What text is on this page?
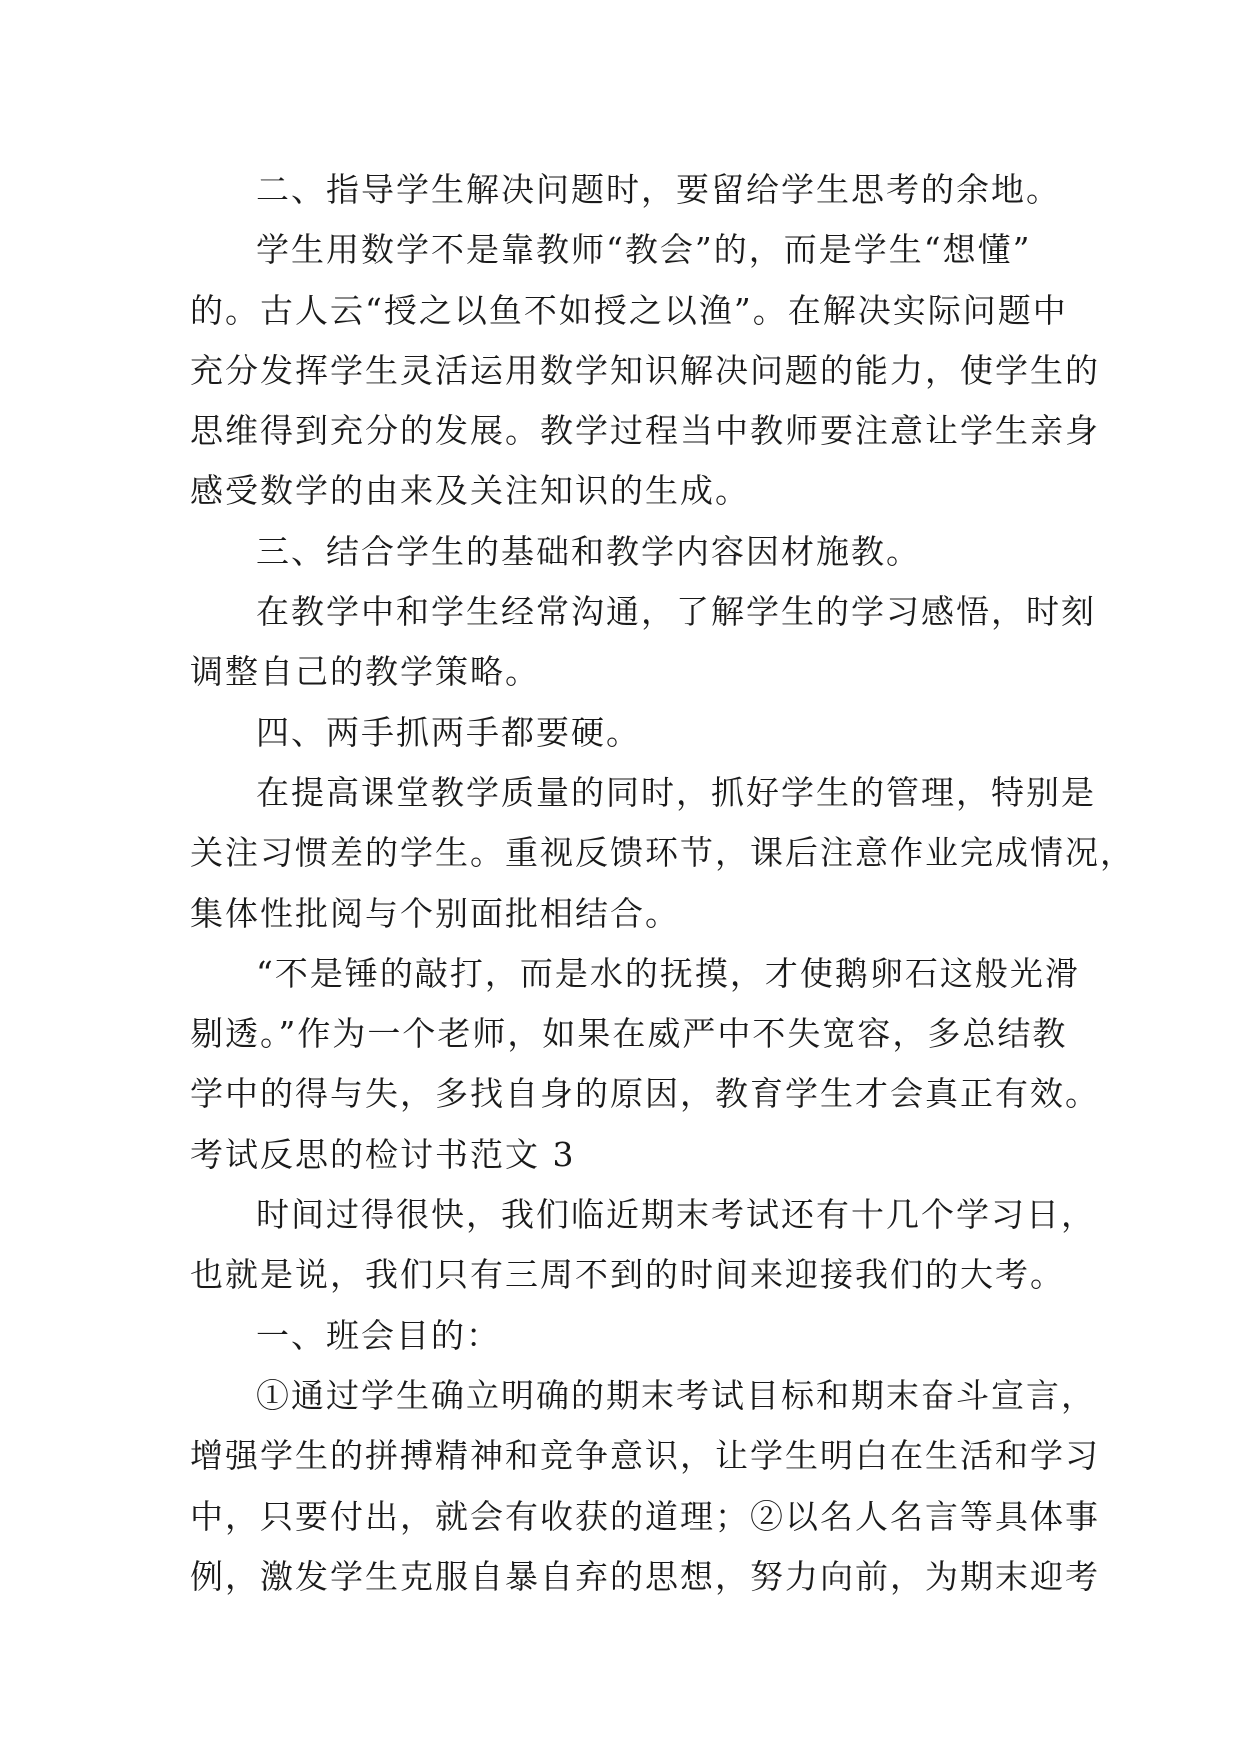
二、指导学生解决问题时，要留给学生思考的余地。
学生用数学不是靠教师“教会”的，而是学生“想懂”
的。古人云“授之以鱼不如授之以渔”。在解决实际问题中
充分发挥学生灵活运用数学知识解决问题的能力，使学生的
思维得到充分的发展。教学过程当中教师要注意让学生亲身
感受数学的由来及关注知识的生成。
三、结合学生的基础和教学内容因材施教。
在教学中和学生经常沟通，了解学生的学习感悟，时刻
调整自己的教学策略。
四、两手抓两手都要硬。
在提高课堂教学质量的同时，抓好学生的管理，特别是
关注习惯差的学生。重视反馈环节，课后注意作业完成情况，
集体性批阅与个别面批相结合。
“不是锤的敲打，而是水的抚摸，才使鹅卵石这般光滑
剔透。”作为一个老师，如果在威严中不失宽容，多总结教
学中的得与失，多找自身的原因，教育学生才会真正有效。
考试反思的检讨书范文 3
时间过得很快，我们临近期末考试还有十几个学习日，
也就是说，我们只有三周不到的时间来迎接我们的大考。
一、班会目的：
①通过学生确立明确的期末考试目标和期末奋斗宣言，
增强学生的拼搏精神和竞争意识，让学生明白在生活和学习
中，只要付出，就会有收获的道理；②以名人名言等具体事
例，激发学生克服自暴自弃的思想，努力向前，为期末迎考
